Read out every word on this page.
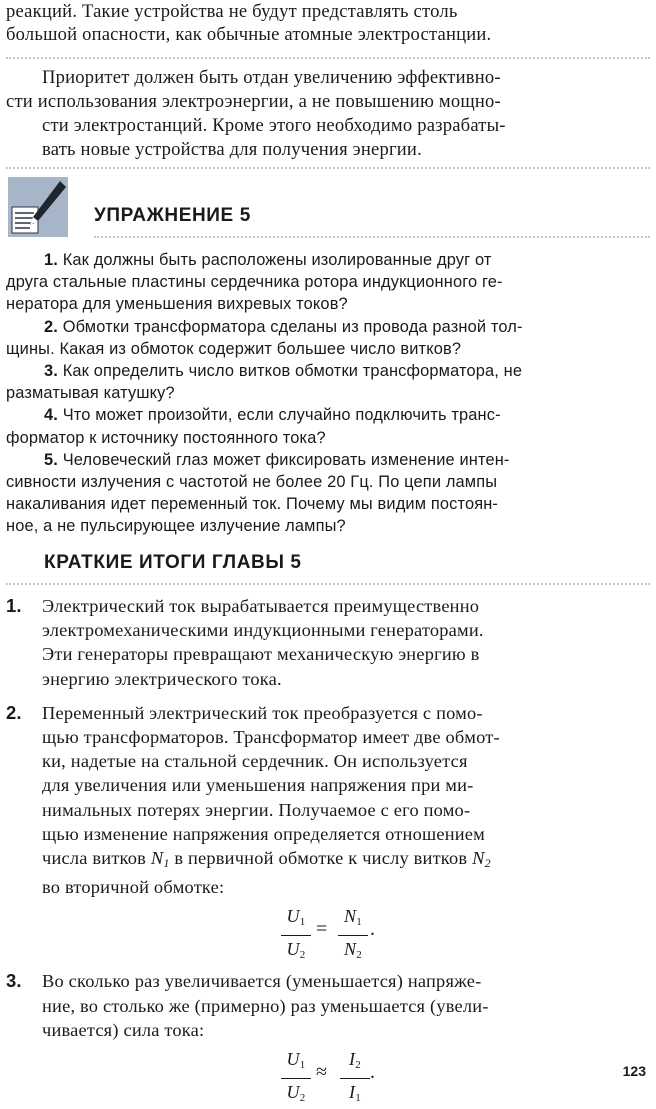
реакций. Такие устройства не будут представлять столь
большой опасности, как обычные атомные электростанции.

Приоритет должен быть отдан увеличению эффективно-
сти использования электроэнергии, а не повышению мощно-
сти электростанций. Кроме этого необходимо разрабаты-
вать новые устройства для получения энергии.

УПРАЖНЕНИЕ 5
1. Как должны быть расположены изолированные друг от
друга стальные пластины сердечника ротора индукционного ге-
нератора для уменьшения вихревых токов?
2. Обмотки трансформатора сделаны из провода разной тол-
щины. Какая из обмоток содержит большее число витков?
3. Как определить число витков обмотки трансформатора, не
разматывая катушку?
4. Что может произойти, если случайно подключить транс-
форматор к источнику постоянного тока?
5. Человеческий глаз может фиксировать изменение интен-
сивности излучения с частотой не более 20 Гц. По цепи лампы
накаливания идет переменный ток. Почему мы видим постоян-
ное, а не пульсирующее излучение лампы?
КРАТКИЕ ИТОГИ ГЛАВЫ 5
1. Электрический ток вырабатывается преимущественно
электромеханическими индукционными генераторами.
Эти генераторы превращают механическую энергию в
энергию электрического тока.
2. Переменный электрический ток преобразуется с помо-
щью трансформаторов. Трансформатор имеет две обмот-
ки, надетые на стальной сердечник. Он используется
для увеличения или уменьшения напряжения при ми-
нимальных потерях энергии. Получаемое с его помо-
щью изменение напряжения определяется отношением
числа витков $N_1$ в первичной обмотке к числу витков $N_2$
во вторичной обмотке:
$U_1$
$U_2$
=
$N_1$
$N_2$
.
3. Во сколько раз увеличивается (уменьшается) напряже-
ние, во столько же (примерно) раз уменьшается (увели-
чивается) сила тока:
$U_1$
$U_2$
≈
$I_2$
$I_1$
.	123
